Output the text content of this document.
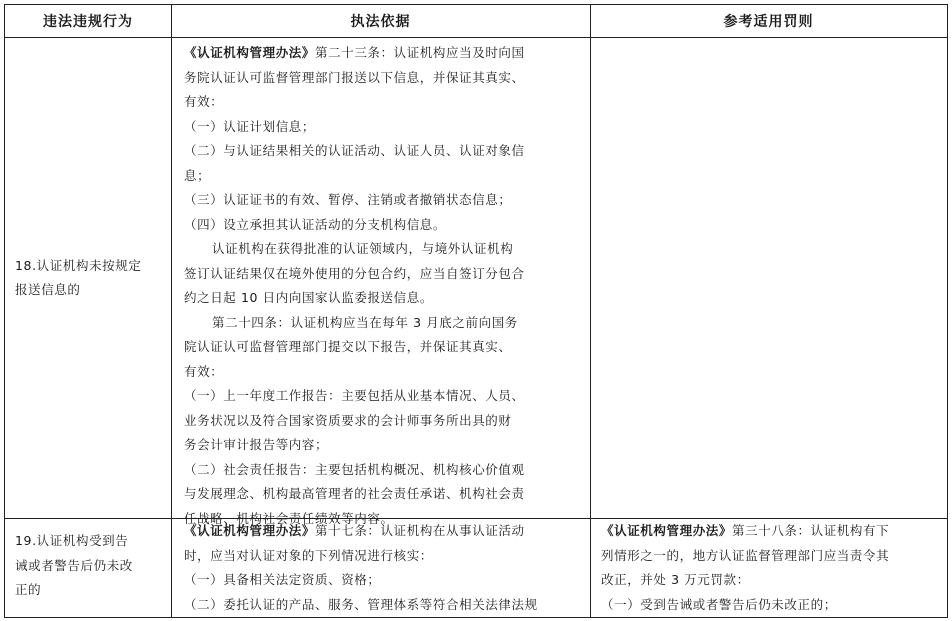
违法违规行为	执法依据	参考适用罚则
18.认证机构未按规定
报送信息的
《认证机构管理办法》第二十三条：认证机构应当及时向国
务院认证认可监督管理部门报送以下信息，并保证其真实、
有效：
（一）认证计划信息；
（二）与认证结果相关的认证活动、认证人员、认证对象信
息；
（三）认证证书的有效、暂停、注销或者撤销状态信息；
（四）设立承担其认证活动的分支机构信息。
认证机构在获得批准的认证领域内，与境外认证机构
签订认证结果仅在境外使用的分包合约，应当自签订分包合
约之日起 10 日内向国家认监委报送信息。
第二十四条：认证机构应当在每年 3 月底之前向国务
院认证认可监督管理部门提交以下报告，并保证其真实、
有效：
（一）上一年度工作报告：主要包括从业基本情况、人员、
业务状况以及符合国家资质要求的会计师事务所出具的财
务会计审计报告等内容；
（二）社会责任报告：主要包括机构概况、机构核心价值观
与发展理念、机构最高管理者的社会责任承诺、机构社会责
任战略、机构社会责任绩效等内容。
19.认证机构受到告
诫或者警告后仍未改
正的
《认证机构管理办法》第十七条：认证机构在从事认证活动
时，应当对认证对象的下列情况进行核实：
（一）具备相关法定资质、资格；
（二）委托认证的产品、服务、管理体系等符合相关法律法规
《认证机构管理办法》第三十八条：认证机构有下
列情形之一的，地方认证监督管理部门应当责令其
改正，并处 3 万元罚款：
（一）受到告诫或者警告后仍未改正的；
